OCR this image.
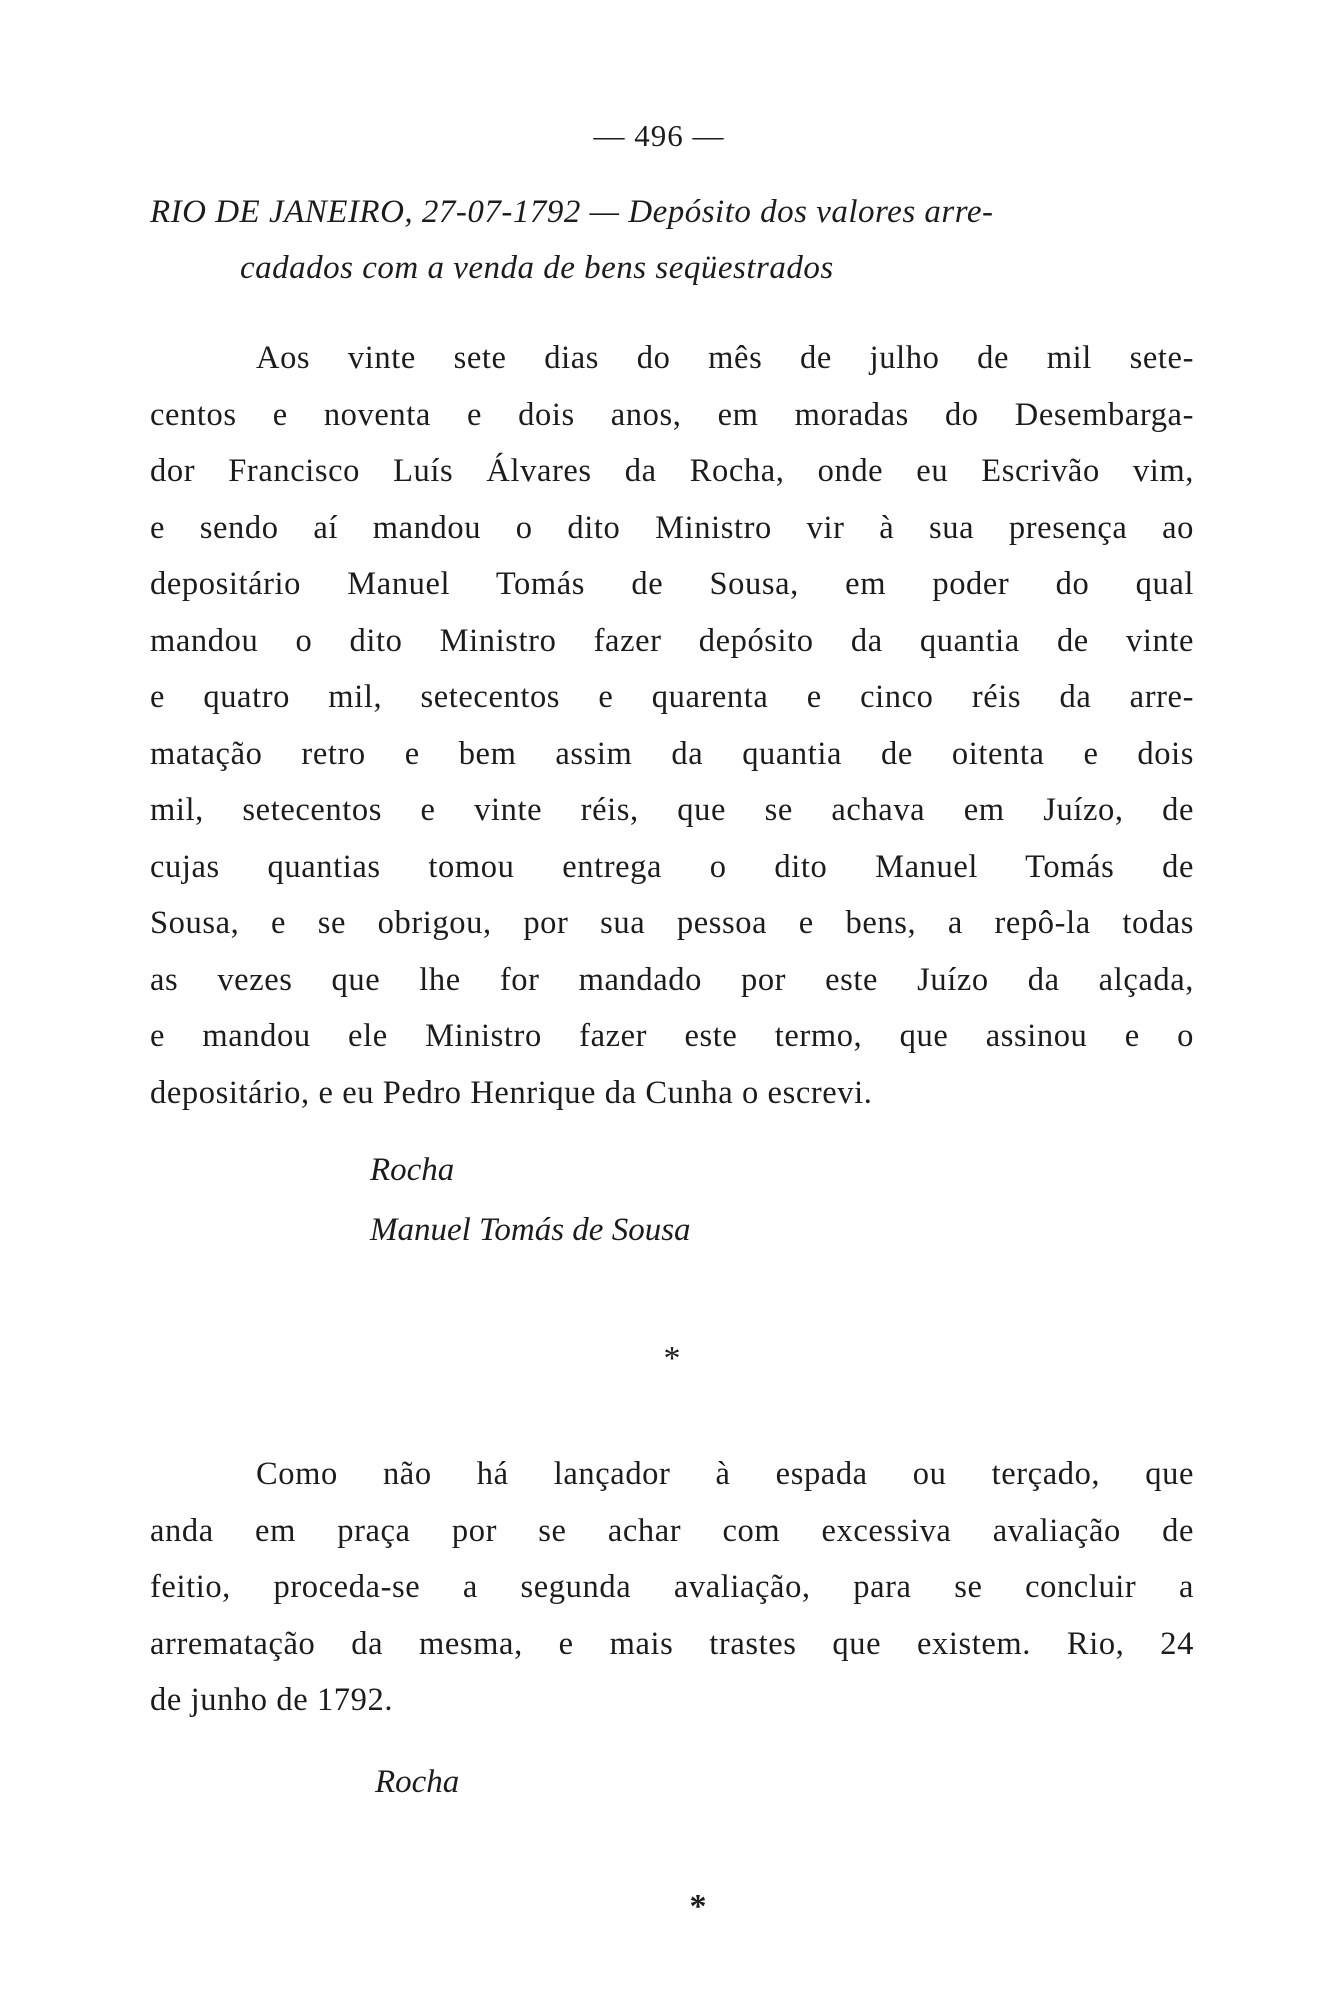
— 496 —
RIO DE JANEIRO, 27-07-1792 — Depósito dos valores arre-
cadados com a venda de bens seqüestrados
Aos vinte sete dias do mês de julho de mil sete-
centos e noventa e dois anos, em moradas do Desembarga-
dor Francisco Luís Álvares da Rocha, onde eu Escrivão vim,
e sendo aí mandou o dito Ministro vir à sua presença ao
depositário Manuel Tomás de Sousa, em poder do qual
mandou o dito Ministro fazer depósito da quantia de vinte
e quatro mil, setecentos e quarenta e cinco réis da arre-
matação retro e bem assim da quantia de oitenta e dois
mil, setecentos e vinte réis, que se achava em Juízo, de
cujas quantias tomou entrega o dito Manuel Tomás de
Sousa, e se obrigou, por sua pessoa e bens, a repô-la todas
as vezes que lhe for mandado por este Juízo da alçada,
e mandou ele Ministro fazer este termo, que assinou e o
depositário, e eu Pedro Henrique da Cunha o escrevi.
Rocha
Manuel Tomás de Sousa
*
Como não há lançador à espada ou terçado, que
anda em praça por se achar com excessiva avaliação de
feitio, proceda-se a segunda avaliação, para se concluir a
arrematação da mesma, e mais trastes que existem. Rio, 24
de junho de 1792.
Rocha
*
